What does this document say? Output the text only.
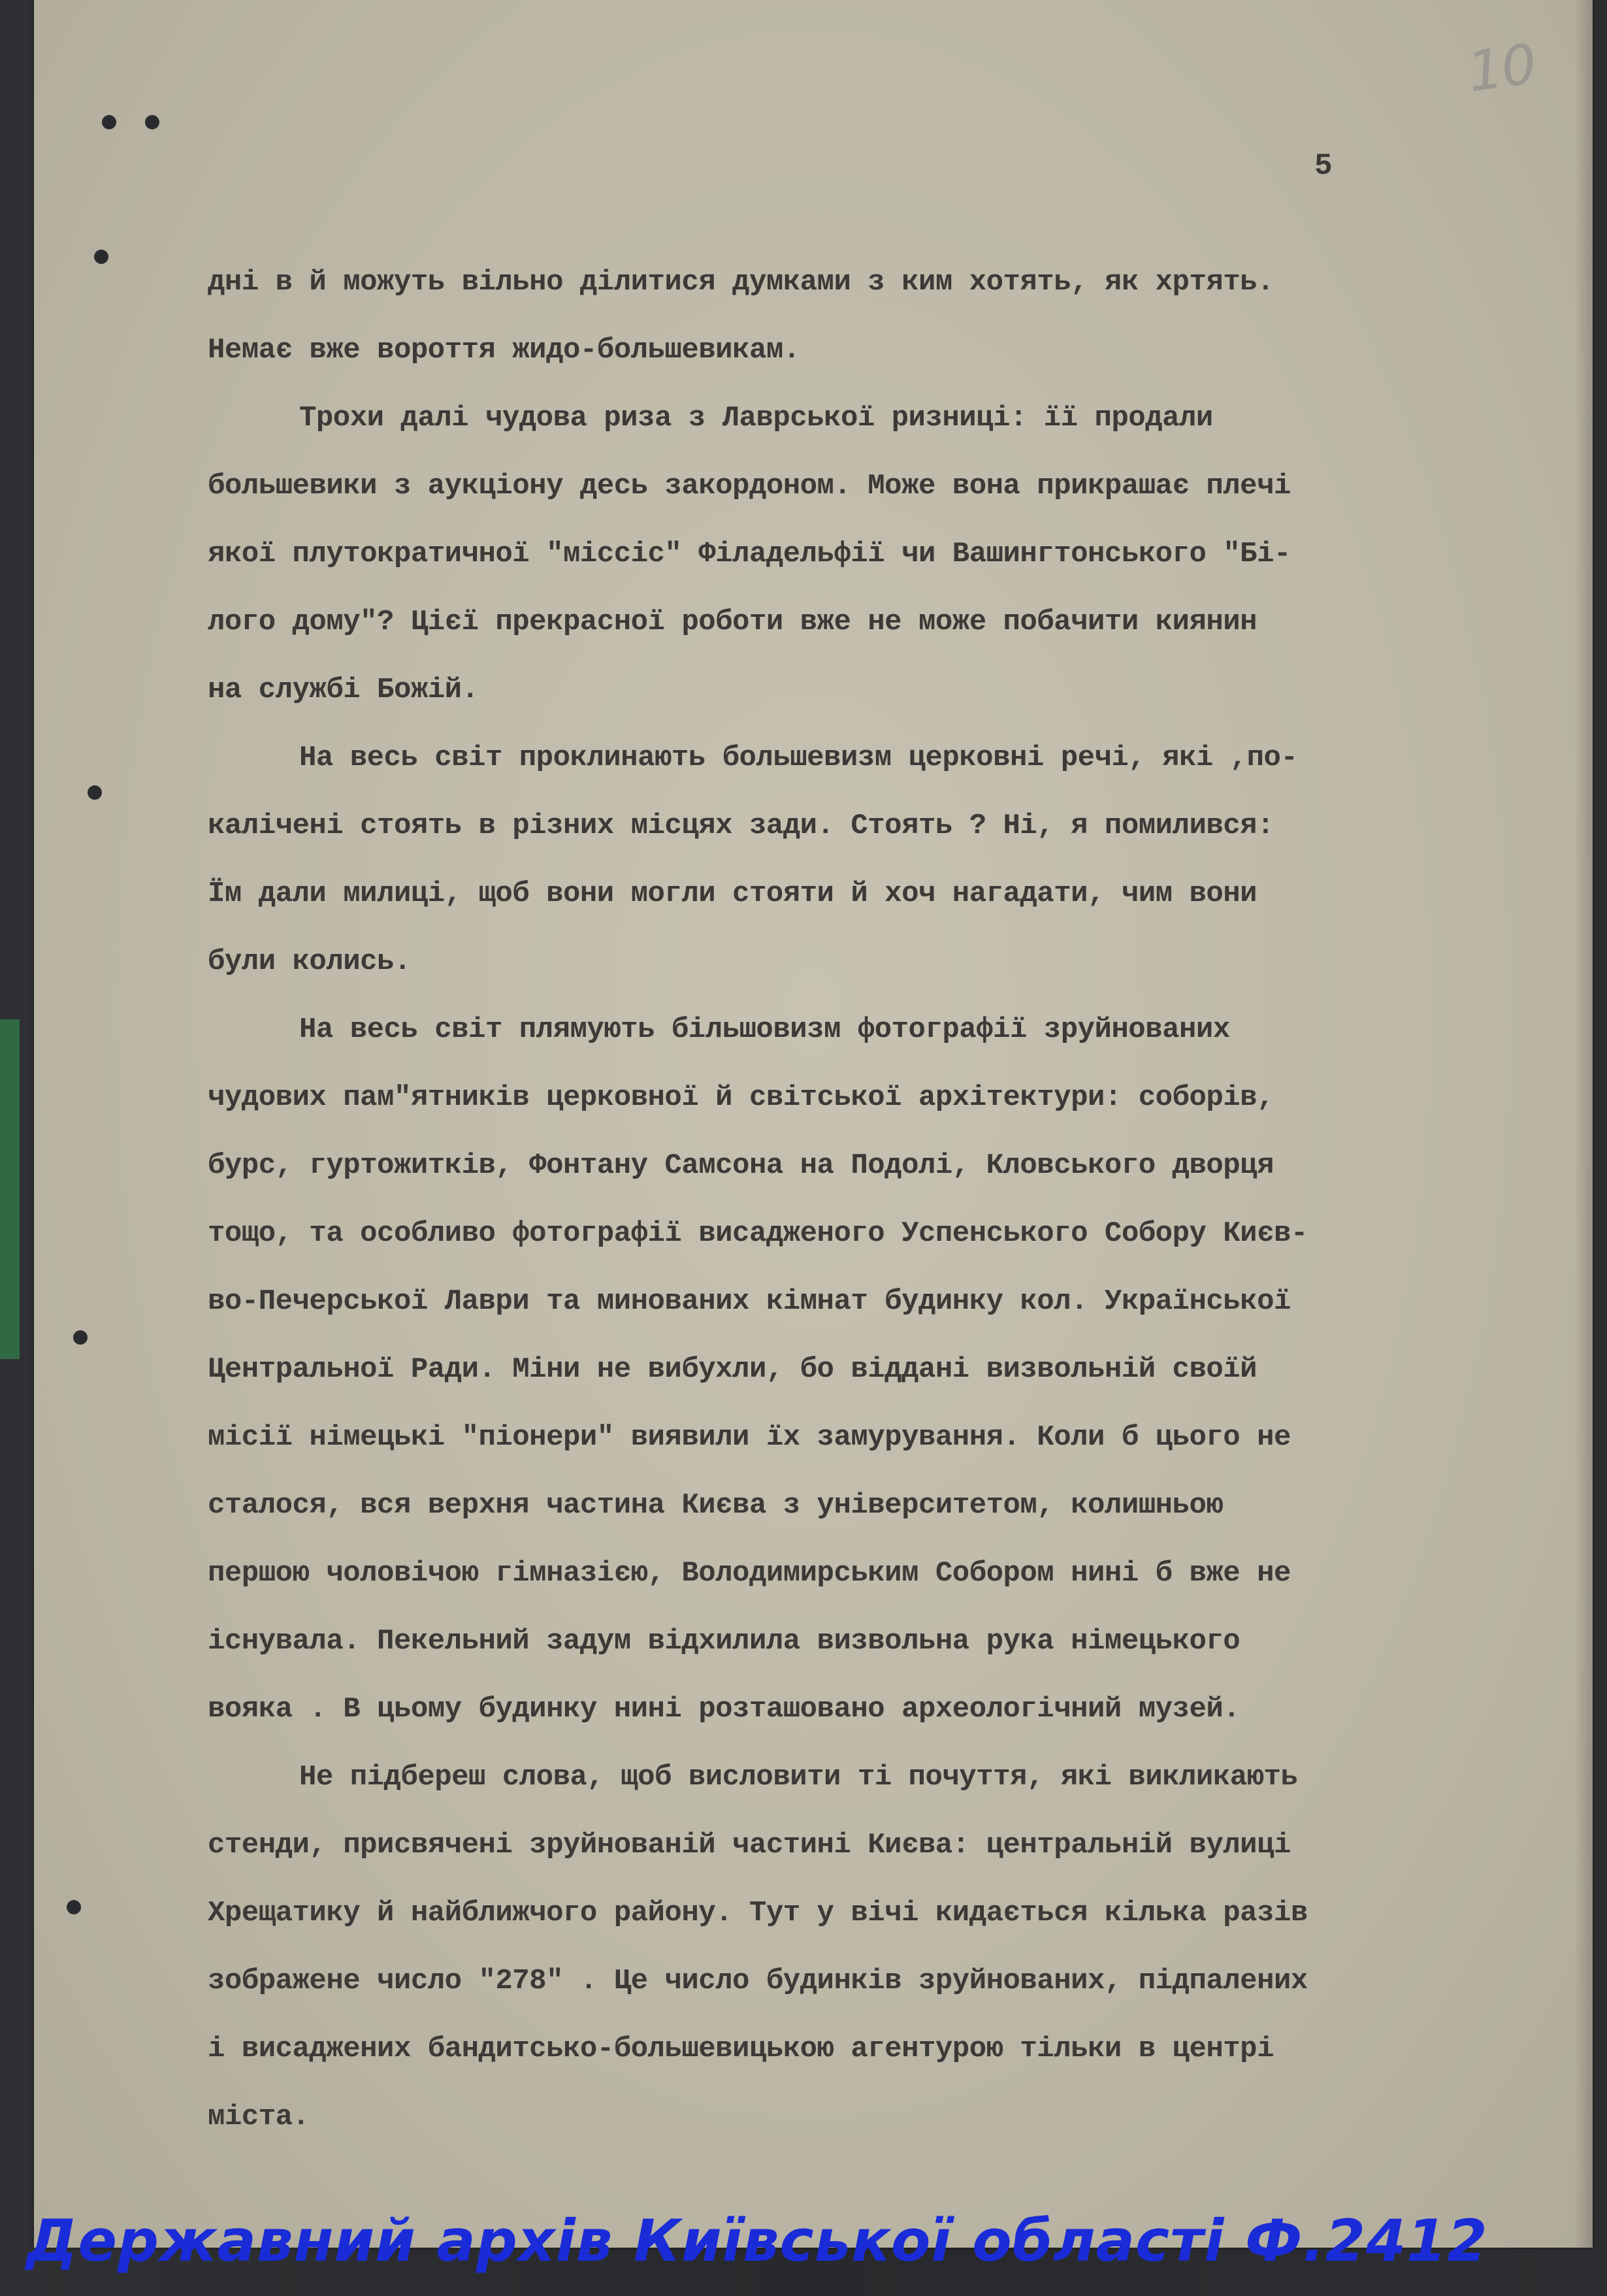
10
5
дні в й можуть вільно ділитися думками з ким хотять, як хртять.
Немає вже вороття жидо-большевикам.
Трохи далі чудова риза з Лаврської ризниці: її продали
большевики з аукціону десь закордоном. Може вона прикрашає плечі
якої плутократичної "міссіс" Філадельфії чи Вашингтонського "Бі-
лого дому"? Цієї прекрасної роботи вже не може побачити киянин
на службі Божій.
На весь світ проклинають большевизм церковні речі, які ,по-
калічені стоять в різних місцях зади. Стоять ? Ні, я помилився:
Їм дали милиці, щоб вони могли стояти й хоч нагадати, чим вони
були колись.
На весь світ плямують більшовизм фотографії зруйнованих
чудових пам"ятників церковної й світської архітектури: соборів,
бурс, гуртожитків, Фонтану Самсона на Подолі, Кловського дворця
тощо, та особливо фотографії висадженого Успенського Собору Києв-
во-Печерської Лаври та минованих кімнат будинку кол. Української
Центральної Ради. Міни не вибухли, бо віддані визвольній своїй
місії німецькі "піонери" виявили їх замурування. Коли б цього не
сталося, вся верхня частина Києва з університетом, колишньою
першою чоловічою гімназією, Володимирським Собором нині б вже не
існувала. Пекельний задум відхилила визвольна рука німецького
вояка . В цьому будинку нині розташовано археологічний музей.
Не підбереш слова, щоб висловити ті почуття, які викликають
стенди, присвячені зруйнованій частині Києва: центральній вулиці
Хрещатику й найближчого району. Тут у вічі кидається кілька разів
зображене число "278" . Це число будинків зруйнованих, підпалених
і висаджених бандитсько-большевицькою агентурою тільки в центрі
міста.
Державний архів Київської області Ф.2412
